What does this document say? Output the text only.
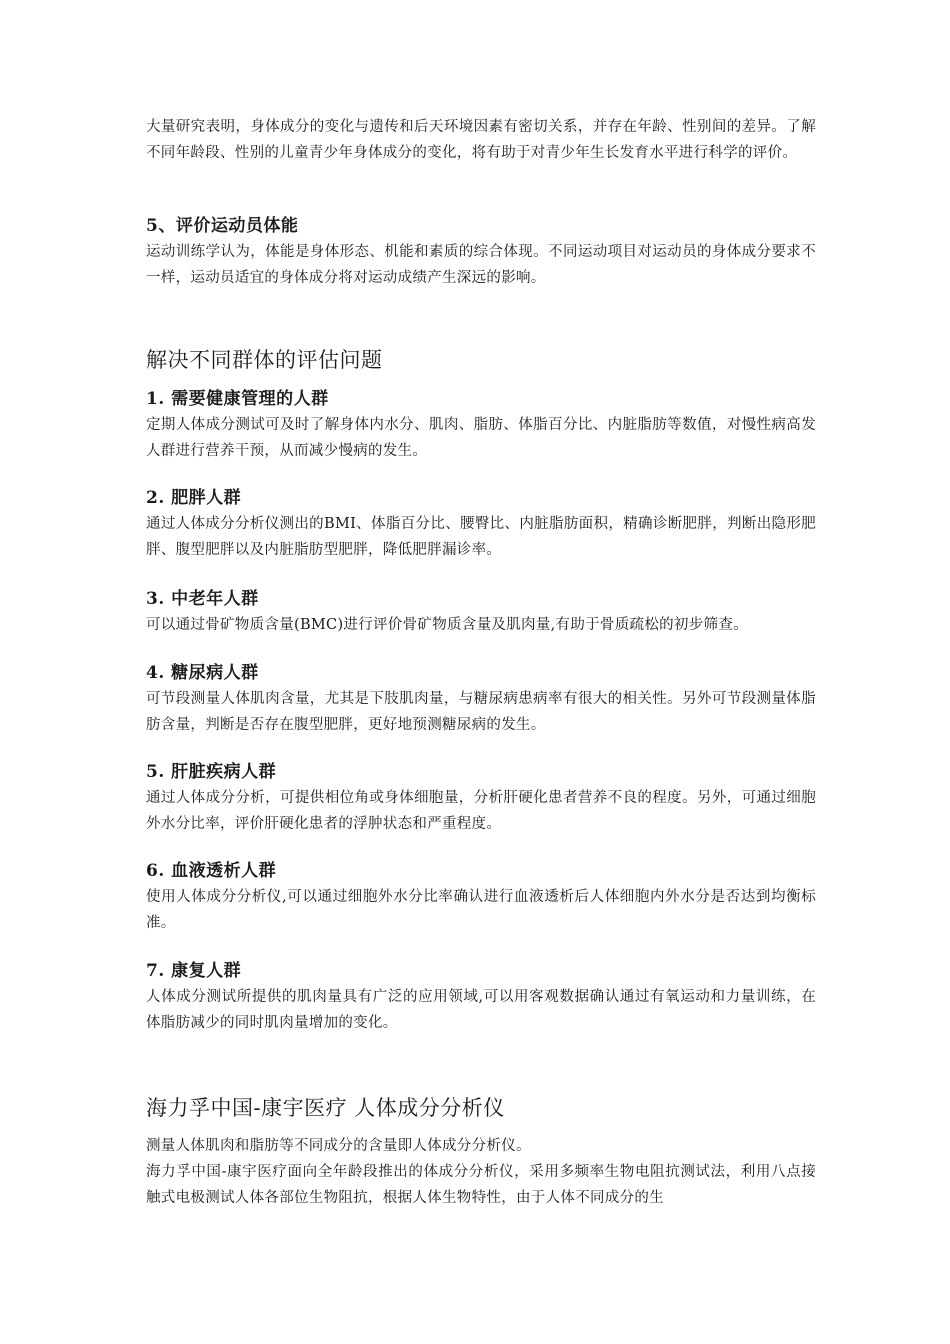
大量研究表明，身体成分的变化与遗传和后天环境因素有密切关系，并存在年龄、性别间的差异。了解不同年龄段、性别的儿童青少年身体成分的变化，将有助于对青少年生长发育水平进行科学的评价。

5、评价运动员体能

运动训练学认为，体能是身体形态、机能和素质的综合体现。不同运动项目对运动员的身体成分要求不一样，运动员适宜的身体成分将对运动成绩产生深远的影响。

解决不同群体的评估问题
1. 需要健康管理的人群

定期人体成分测试可及时了解身体内水分、肌肉、脂肪、体脂百分比、内脏脂肪等数值，对慢性病高发人群进行营养干预，从而减少慢病的发生。

2. 肥胖人群

通过人体成分分析仪测出的BMI、体脂百分比、腰臀比、内脏脂肪面积，精确诊断肥胖，判断出隐形肥胖、腹型肥胖以及内脏脂肪型肥胖，降低肥胖漏诊率。

3. 中老年人群

可以通过骨矿物质含量(BMC)进行评价骨矿物质含量及肌肉量,有助于骨质疏松的初步筛查。

4. 糖尿病人群

可节段测量人体肌肉含量，尤其是下肢肌肉量，与糖尿病患病率有很大的相关性。另外可节段测量体脂肪含量，判断是否存在腹型肥胖，更好地预测糖尿病的发生。

5. 肝脏疾病人群

通过人体成分分析，可提供相位角或身体细胞量，分析肝硬化患者营养不良的程度。另外，可通过细胞外水分比率，评价肝硬化患者的浮肿状态和严重程度。

6. 血液透析人群

使用人体成分分析仪,可以通过细胞外水分比率确认进行血液透析后人体细胞内外水分是否达到均衡标准。

7. 康复人群

人体成分测试所提供的肌肉量具有广泛的应用领域,可以用客观数据确认通过有氧运动和力量训练，在体脂肪减少的同时肌肉量增加的变化。

海力孚中国-康宇医疗 人体成分分析仪

测量人体肌肉和脂肪等不同成分的含量即人体成分分析仪。

海力孚中国-康宇医疗面向全年龄段推出的体成分分析仪，采用多频率生物电阻抗测试法，利用八点接触式电极测试人体各部位生物阻抗，根据人体生物特性，由于人体不同成分的生
